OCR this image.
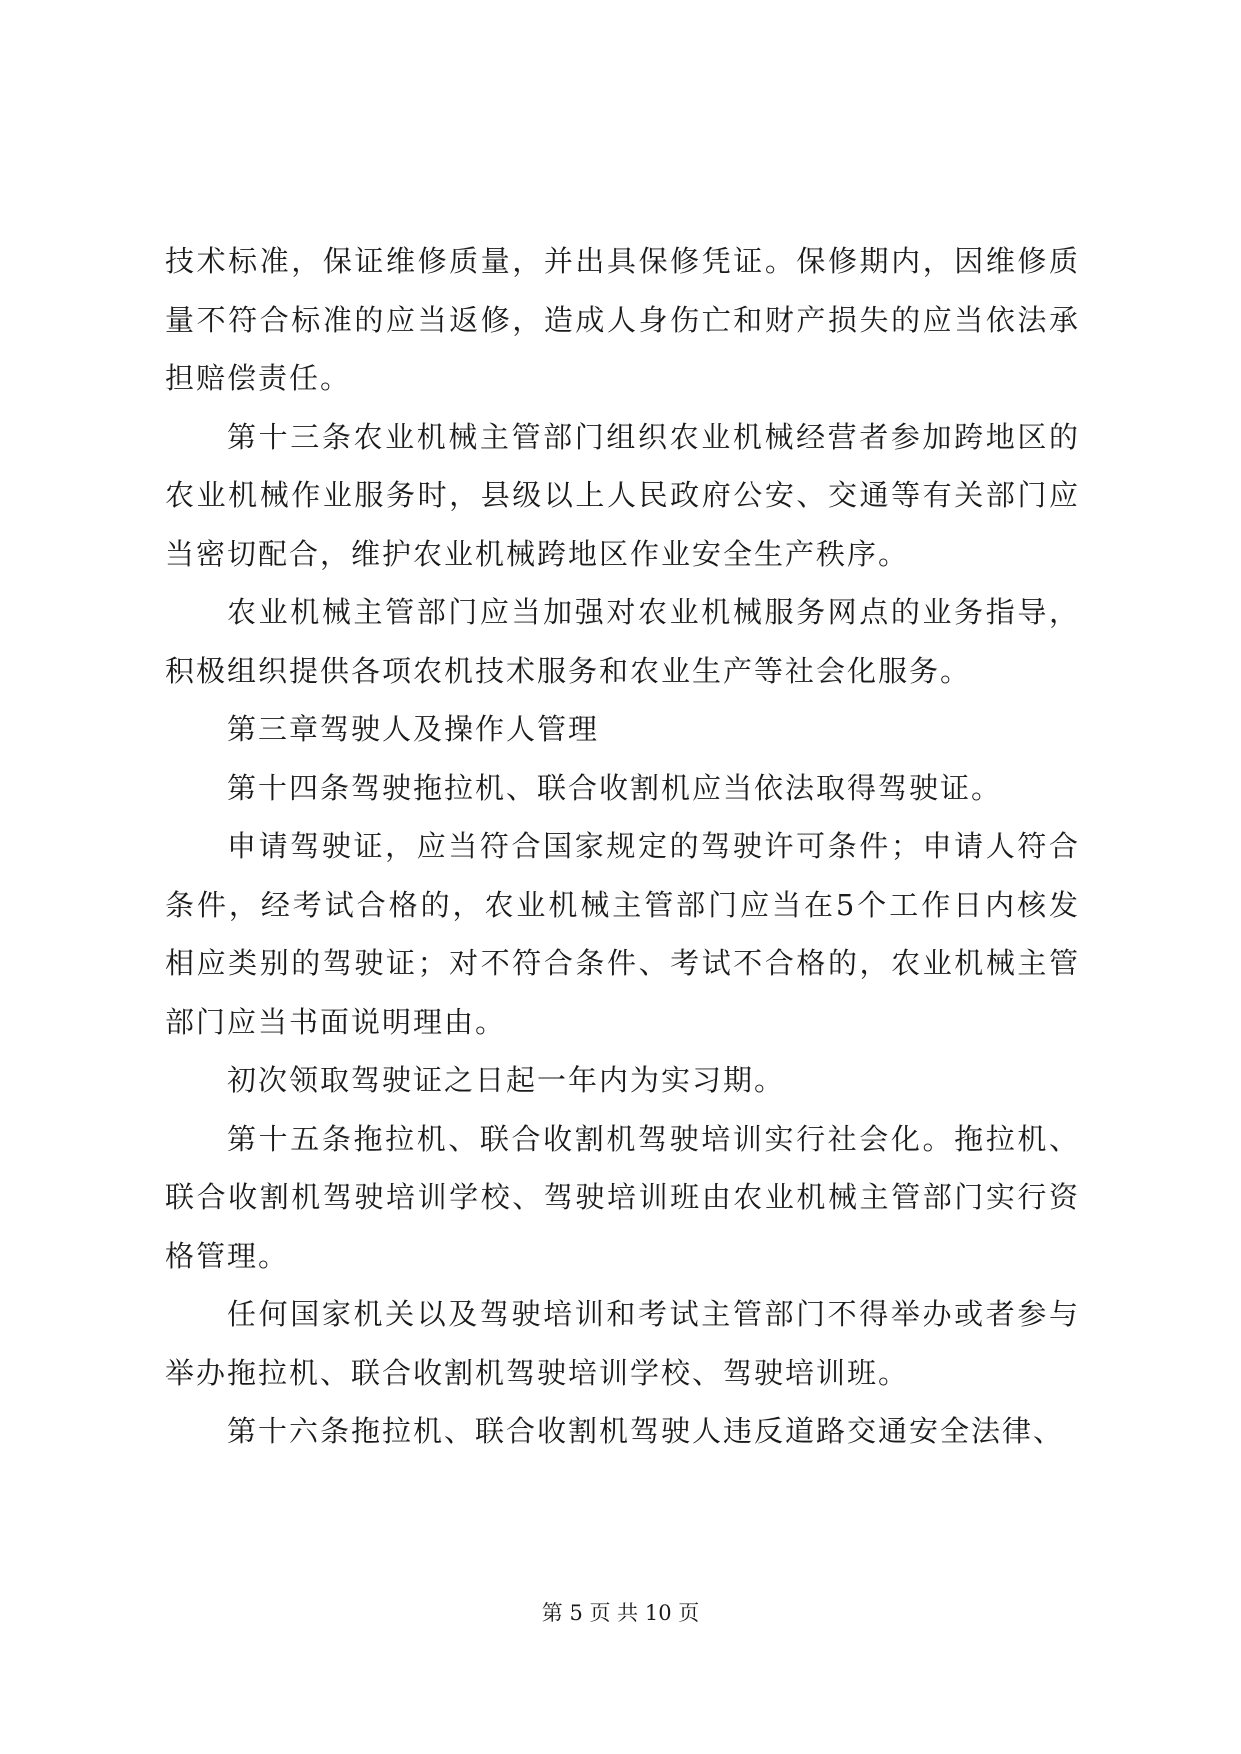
技术标准，保证维修质量，并出具保修凭证。保修期内，因维修质量不符合标准的应当返修，造成人身伤亡和财产损失的应当依法承担赔偿责任。

第十三条农业机械主管部门组织农业机械经营者参加跨地区的农业机械作业服务时，县级以上人民政府公安、交通等有关部门应当密切配合，维护农业机械跨地区作业安全生产秩序。

农业机械主管部门应当加强对农业机械服务网点的业务指导，积极组织提供各项农机技术服务和农业生产等社会化服务。

第三章驾驶人及操作人管理

第十四条驾驶拖拉机、联合收割机应当依法取得驾驶证。

申请驾驶证，应当符合国家规定的驾驶许可条件；申请人符合条件，经考试合格的，农业机械主管部门应当在5个工作日内核发相应类别的驾驶证；对不符合条件、考试不合格的，农业机械主管部门应当书面说明理由。

初次领取驾驶证之日起一年内为实习期。

第十五条拖拉机、联合收割机驾驶培训实行社会化。拖拉机、联合收割机驾驶培训学校、驾驶培训班由农业机械主管部门实行资格管理。

任何国家机关以及驾驶培训和考试主管部门不得举办或者参与举办拖拉机、联合收割机驾驶培训学校、驾驶培训班。

第十六条拖拉机、联合收割机驾驶人违反道路交通安全法律、

第 5 页 共 10 页
